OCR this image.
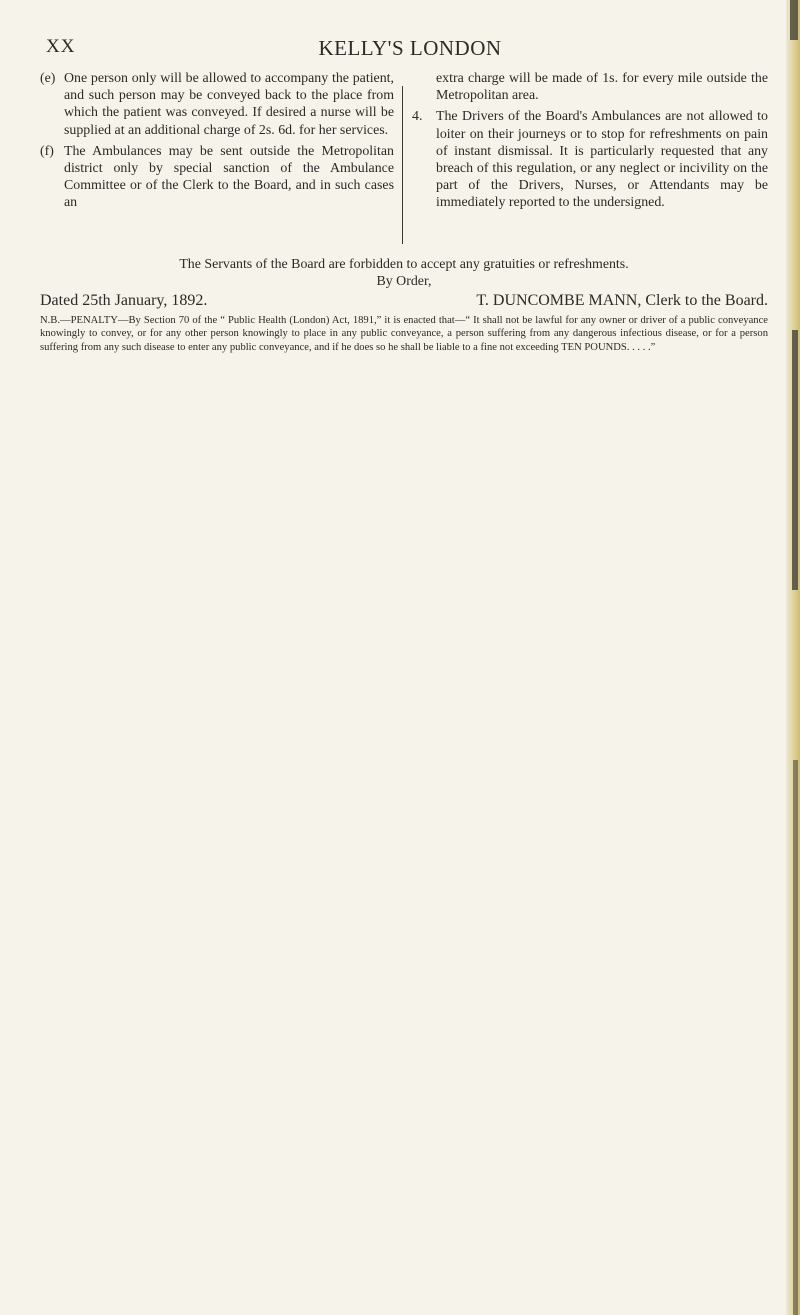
XX	KELLY'S LONDON
(e) One person only will be allowed to accompany the patient, and such person may be conveyed back to the place from which the patient was conveyed. If desired a nurse will be supplied at an additional charge of 2s. 6d. for her services.
(f) The Ambulances may be sent outside the Metropolitan district only by special sanction of the Ambulance Committee or of the Clerk to the Board, and in such cases an
extra charge will be made of 1s. for every mile outside the Metropolitan area.
4. The Drivers of the Board's Ambulances are not allowed to loiter on their journeys or to stop for refreshments on pain of instant dismissal. It is particularly requested that any breach of this regulation, or any neglect or incivility on the part of the Drivers, Nurses, or Attendants may be immediately reported to the undersigned.
The Servants of the Board are forbidden to accept any gratuities or refreshments.
By Order,
Dated 25th January, 1892.	T. DUNCOMBE MANN, Clerk to the Board.
N.B.—PENALTY—By Section 70 of the “ Public Health (London) Act, 1891,” it is enacted that—“ It shall not be lawful for any owner or driver of a public conveyance knowingly to convey, or for any other person knowingly to place in any public conveyance, a person suffering from any dangerous infectious disease, or for a person suffering from any such disease to enter any public conveyance, and if he does so he shall be liable to a fine not exceeding TEN POUNDS. . . . .”
